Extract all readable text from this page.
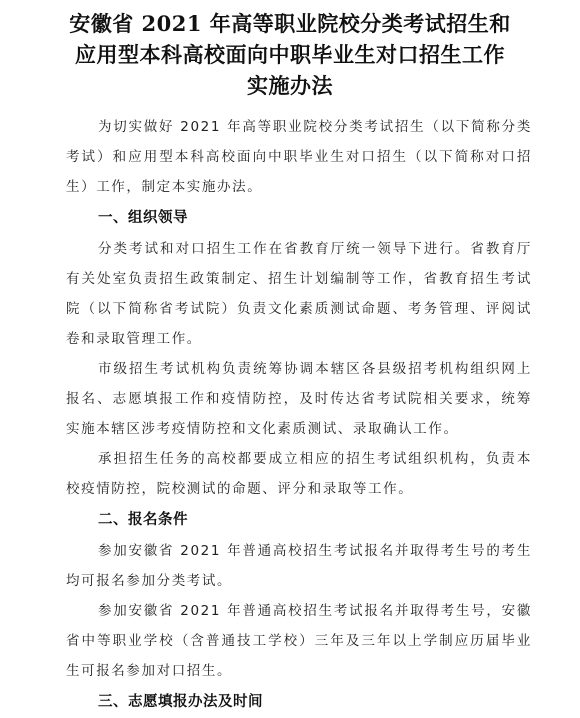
安徽省 2021 年高等职业院校分类考试招生和
应用型本科高校面向中职毕业生对口招生工作
实施办法

为切实做好 2021 年高等职业院校分类考试招生（以下简称分类考试）和应用型本科高校面向中职毕业生对口招生（以下简称对口招生）工作，制定本实施办法。

一、组织领导

分类考试和对口招生工作在省教育厅统一领导下进行。省教育厅有关处室负责招生政策制定、招生计划编制等工作，省教育招生考试院（以下简称省考试院）负责文化素质测试命题、考务管理、评阅试卷和录取管理工作。

市级招生考试机构负责统筹协调本辖区各县级招考机构组织网上报名、志愿填报工作和疫情防控，及时传达省考试院相关要求，统筹实施本辖区涉考疫情防控和文化素质测试、录取确认工作。

承担招生任务的高校都要成立相应的招生考试组织机构，负责本校疫情防控，院校测试的命题、评分和录取等工作。

二、报名条件

参加安徽省 2021 年普通高校招生考试报名并取得考生号的考生均可报名参加分类考试。

参加安徽省 2021 年普通高校招生考试报名并取得考生号，安徽省中等职业学校（含普通技工学校）三年及三年以上学制应历届毕业生可报名参加对口招生。

三、志愿填报办法及时间
